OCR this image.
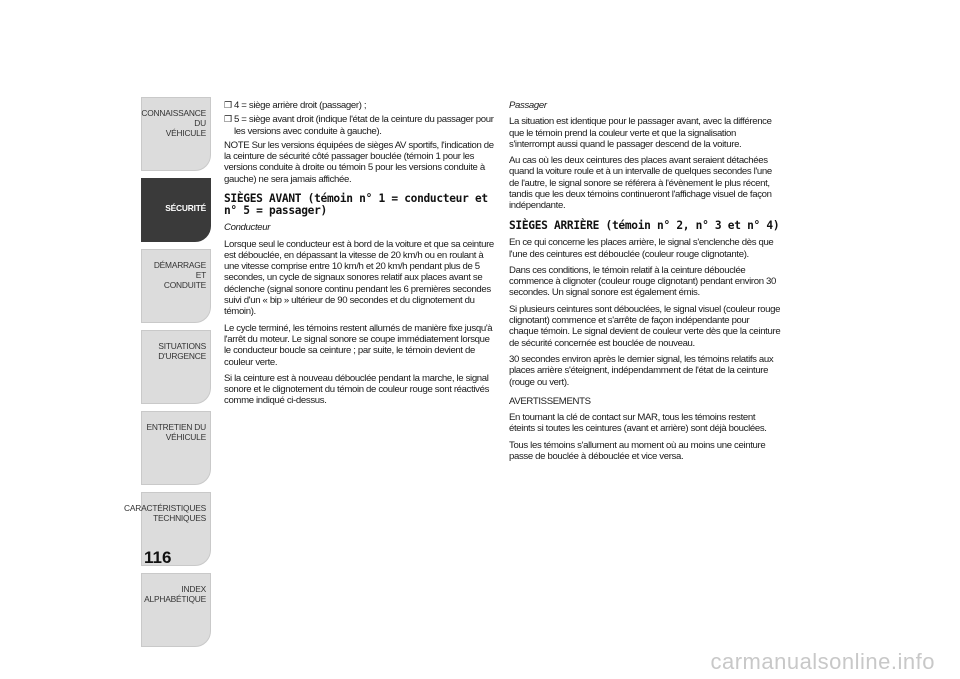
CONNAISSANCE DU
VÉHICULE
SÉCURITÉ
DÉMARRAGE ET
CONDUITE
SITUATIONS
D'URGENCE
ENTRETIEN DU
VÉHICULE
CARACTÉRISTIQUES
TECHNIQUES
INDEX
ALPHABÉTIQUE
116
❒ 4 = siège arrière droit (passager) ;
❒ 5 = siège avant droit (indique l'état de la ceinture du passager pour les versions avec conduite à gauche).

NOTE Sur les versions équipées de sièges AV sportifs, l'indication de la ceinture de sécurité côté passager bouclée (témoin 1 pour les versions conduite à droite ou témoin 5 pour les versions conduite à gauche) ne sera jamais affichée.

SIÈGES AVANT (témoin n° 1 = conducteur et n° 5 = passager)

Conducteur

Lorsque seul le conducteur est à bord de la voiture et que sa ceinture est débouclée, en dépassant la vitesse de 20 km/h ou en roulant à une vitesse comprise entre 10 km/h et 20 km/h pendant plus de 5 secondes, un cycle de signaux sonores relatif aux places avant se déclenche (signal sonore continu pendant les 6 premières secondes suivi d'un « bip » ultérieur de 90 secondes et du clignotement du témoin).

Le cycle terminé, les témoins restent allumés de manière fixe jusqu'à l'arrêt du moteur. Le signal sonore se coupe immédiatement lorsque le conducteur boucle sa ceinture ; par suite, le témoin devient de couleur verte.

Si la ceinture est à nouveau débouclée pendant la marche, le signal sonore et le clignotement du témoin de couleur rouge sont réactivés comme indiqué ci-dessus.

Passager

La situation est identique pour le passager avant, avec la différence que le témoin prend la couleur verte et que la signalisation s'interrompt aussi quand le passager descend de la voiture.

Au cas où les deux ceintures des places avant seraient détachées quand la voiture roule et à un intervalle de quelques secondes l'une de l'autre, le signal sonore se référera à l'évènement le plus récent, tandis que les deux témoins continueront l'affichage visuel de façon indépendante.

SIÈGES ARRIÈRE (témoin n° 2, n° 3 et n° 4)

En ce qui concerne les places arrière, le signal s'enclenche dès que l'une des ceintures est débouclée (couleur rouge clignotante).

Dans ces conditions, le témoin relatif à la ceinture débouclée commence à clignoter (couleur rouge clignotant) pendant environ 30 secondes. Un signal sonore est également émis.

Si plusieurs ceintures sont débouclées, le signal visuel (couleur rouge clignotant) commence et s'arrête de façon indépendante pour chaque témoin. Le signal devient de couleur verte dès que la ceinture de sécurité concernée est bouclée de nouveau.

30 secondes environ après le dernier signal, les témoins relatifs aux places arrière s'éteignent, indépendamment de l'état de la ceinture (rouge ou vert).

AVERTISSEMENTS

En tournant la clé de contact sur MAR, tous les témoins restent éteints si toutes les ceintures (avant et arrière) sont déjà bouclées.

Tous les témoins s'allument au moment où au moins une ceinture passe de bouclée à débouclée et vice versa.

carmanualsonline.info
